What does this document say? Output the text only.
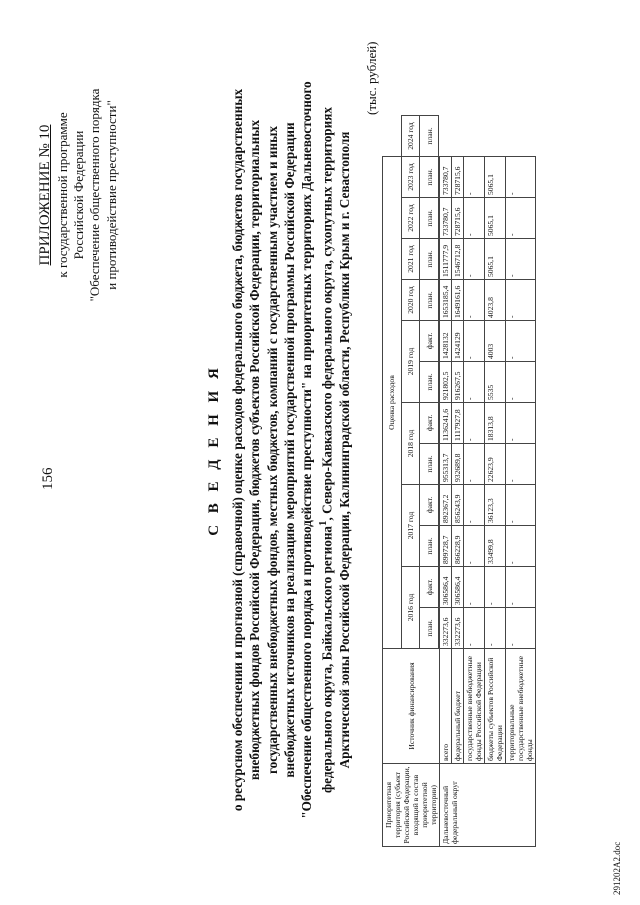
156
ПРИЛОЖЕНИЕ № 10 к государственной программе Российской Федерации "Обеспечение общественного порядка и противодействие преступности"
С В Е Д Е Н И Я о ресурсном обеспечении и прогнозной (справочной) оценке расходов федерального бюджета, бюджетов государственных внебюджетных фондов Российской Федерации, бюджетов субъектов Российской Федерации, территориальных государственных внебюджетных фондов, местных бюджетов, компаний с государственным участием и иных внебюджетных источников на реализацию мероприятий государственной программы Российской Федерации "Обеспечение общественного порядка и противодействие преступности" на приоритетных территориях Дальневосточного федерального округа, Байкальского региона$^1$, Северо-Кавказского федерального округа, сухопутных территориях Арктической зоны Российской Федерации, Калининградской области, Республики Крым и г. Севастополя
(тыс. рублей)
Приоритетная территория (субъект Российской Федерации, входящий в состав приоритетной территории)	Источник финансирования	Оценка расходов												
		2016 год		2017 год		2018 год		2019 год		2020 год	2021 год	2022 год	2023 год	2024 год
		план.	факт.	план.	факт.	план.	факт.	план.	факт.	план.	план.	план.	план.	план.

Дальневосточный федеральный округ	всего	332273,6	306586,4	899728,7	892367,2	955313,7	1136241,6	921802,5	1428132	1653185,4	1511777,9	733780,7	733780,7	
	федеральный бюджет	332273,6	306586,4	866228,9	856243,9	932689,8	1117927,8	916267,5	1424129	1649161,6	1546712,8	728715,6	728715,6	
	государственные внебюджетные фонды Российской Федерации	-	-	-	-	-	-	-	-	-	-	-	-	
	бюджеты субъектов Российской Федерации	-	-	33499,8	36123,3	22623,9	18313,8	5535	4003	4023,8	5065,1	5065,1	5065,1	
	территориальные государственные внебюджетные фонды	-	-	-	-	-	-	-	-	-	-	-	-	
291202А2.doc
